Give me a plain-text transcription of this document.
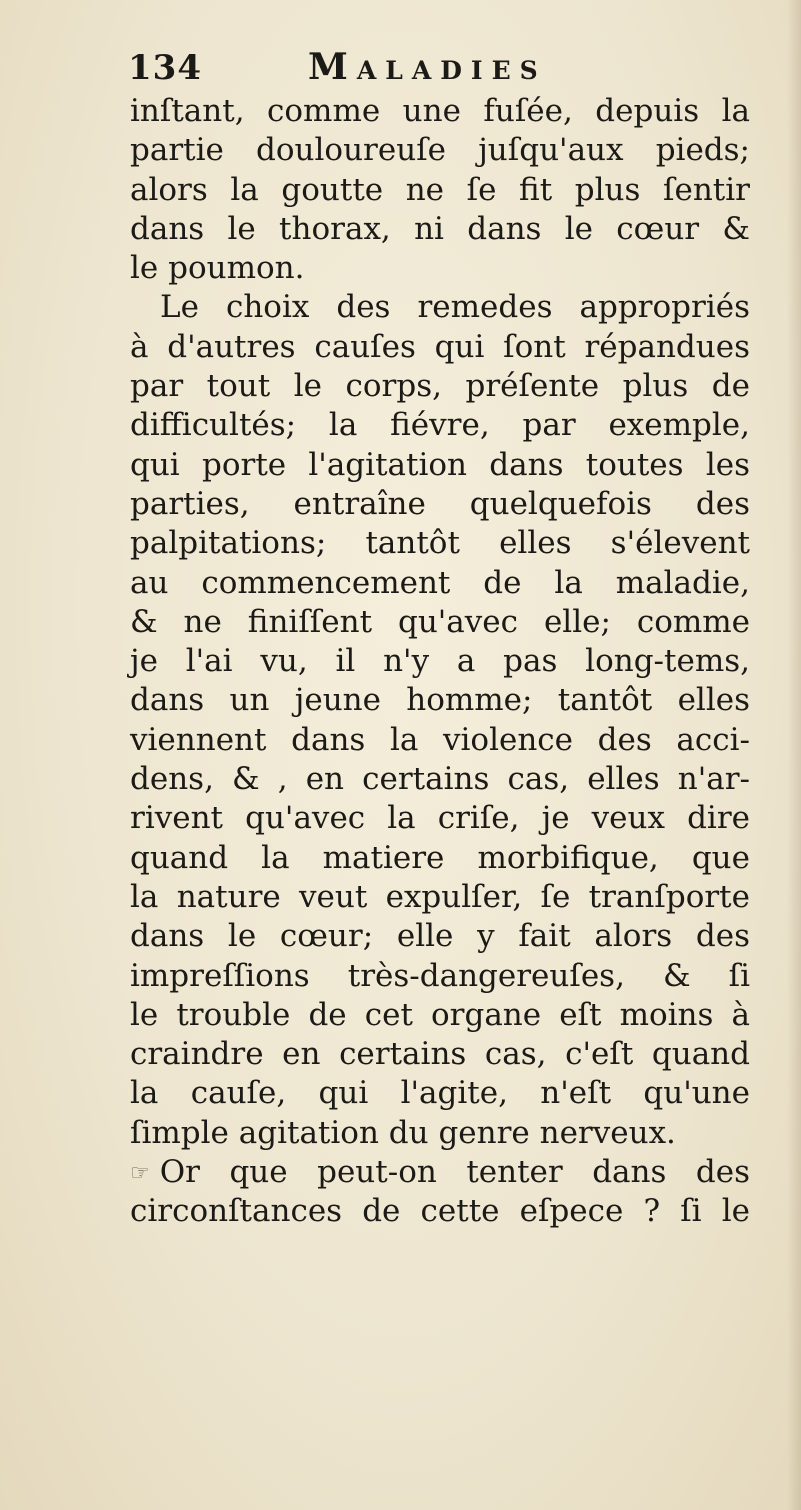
134	Maladies
inſtant, comme une fuſée, depuis la
partie douloureuſe juſqu'aux pieds;
alors la goutte ne ſe fit plus ſentir
dans le thorax, ni dans le cœur &
le poumon.
Le choix des remedes appropriés
à d'autres cauſes qui ſont répandues
par tout le corps, préſente plus de
difficultés; la fiévre, par exemple,
qui porte l'agitation dans toutes les
parties, entraîne quelquefois des
palpitations; tantôt elles s'élevent
au commencement de la maladie,
& ne finiſſent qu'avec elle; comme
je l'ai vu, il n'y a pas long-tems,
dans un jeune homme; tantôt elles
viennent dans la violence des acci-
dens, & , en certains cas, elles n'ar-
rivent qu'avec la criſe, je veux dire
quand la matiere morbifique, que
la nature veut expulſer, ſe tranſporte
dans le cœur; elle y fait alors des
impreſſions très-dangereuſes, & ſi
le trouble de cet organe eſt moins à
craindre en certains cas, c'eſt quand
la cauſe, qui l'agite, n'eſt qu'une
ſimple agitation du genre nerveux.
☞ Or que peut-on tenter dans des
circonſtances de cette eſpece ? ſi le
